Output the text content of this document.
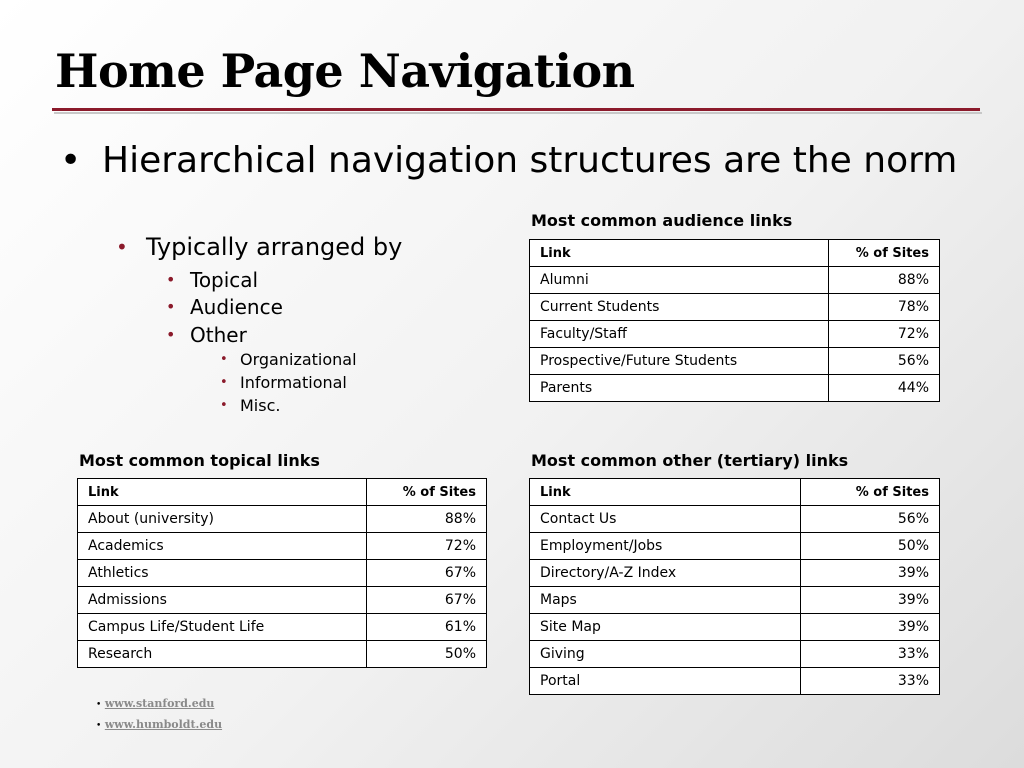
Home Page Navigation
• Hierarchical navigation structures are the norm
• Typically arranged by
• Topical
• Audience
• Other
• Organizational
• Informational
• Misc.
Most common audience links
Link	% of Sites
Alumni	88%
Current Students	78%
Faculty/Staff	72%
Prospective/Future Students	56%
Parents	44%
Most common topical links
Link	% of Sites
About (university)	88%
Academics	72%
Athletics	67%
Admissions	67%
Campus Life/Student Life	61%
Research	50%
Most common other (tertiary) links
Link	% of Sites
Contact Us	56%
Employment/Jobs	50%
Directory/A-Z Index	39%
Maps	39%
Site Map	39%
Giving	33%
Portal	33%
• www.stanford.edu
• www.humboldt.edu
